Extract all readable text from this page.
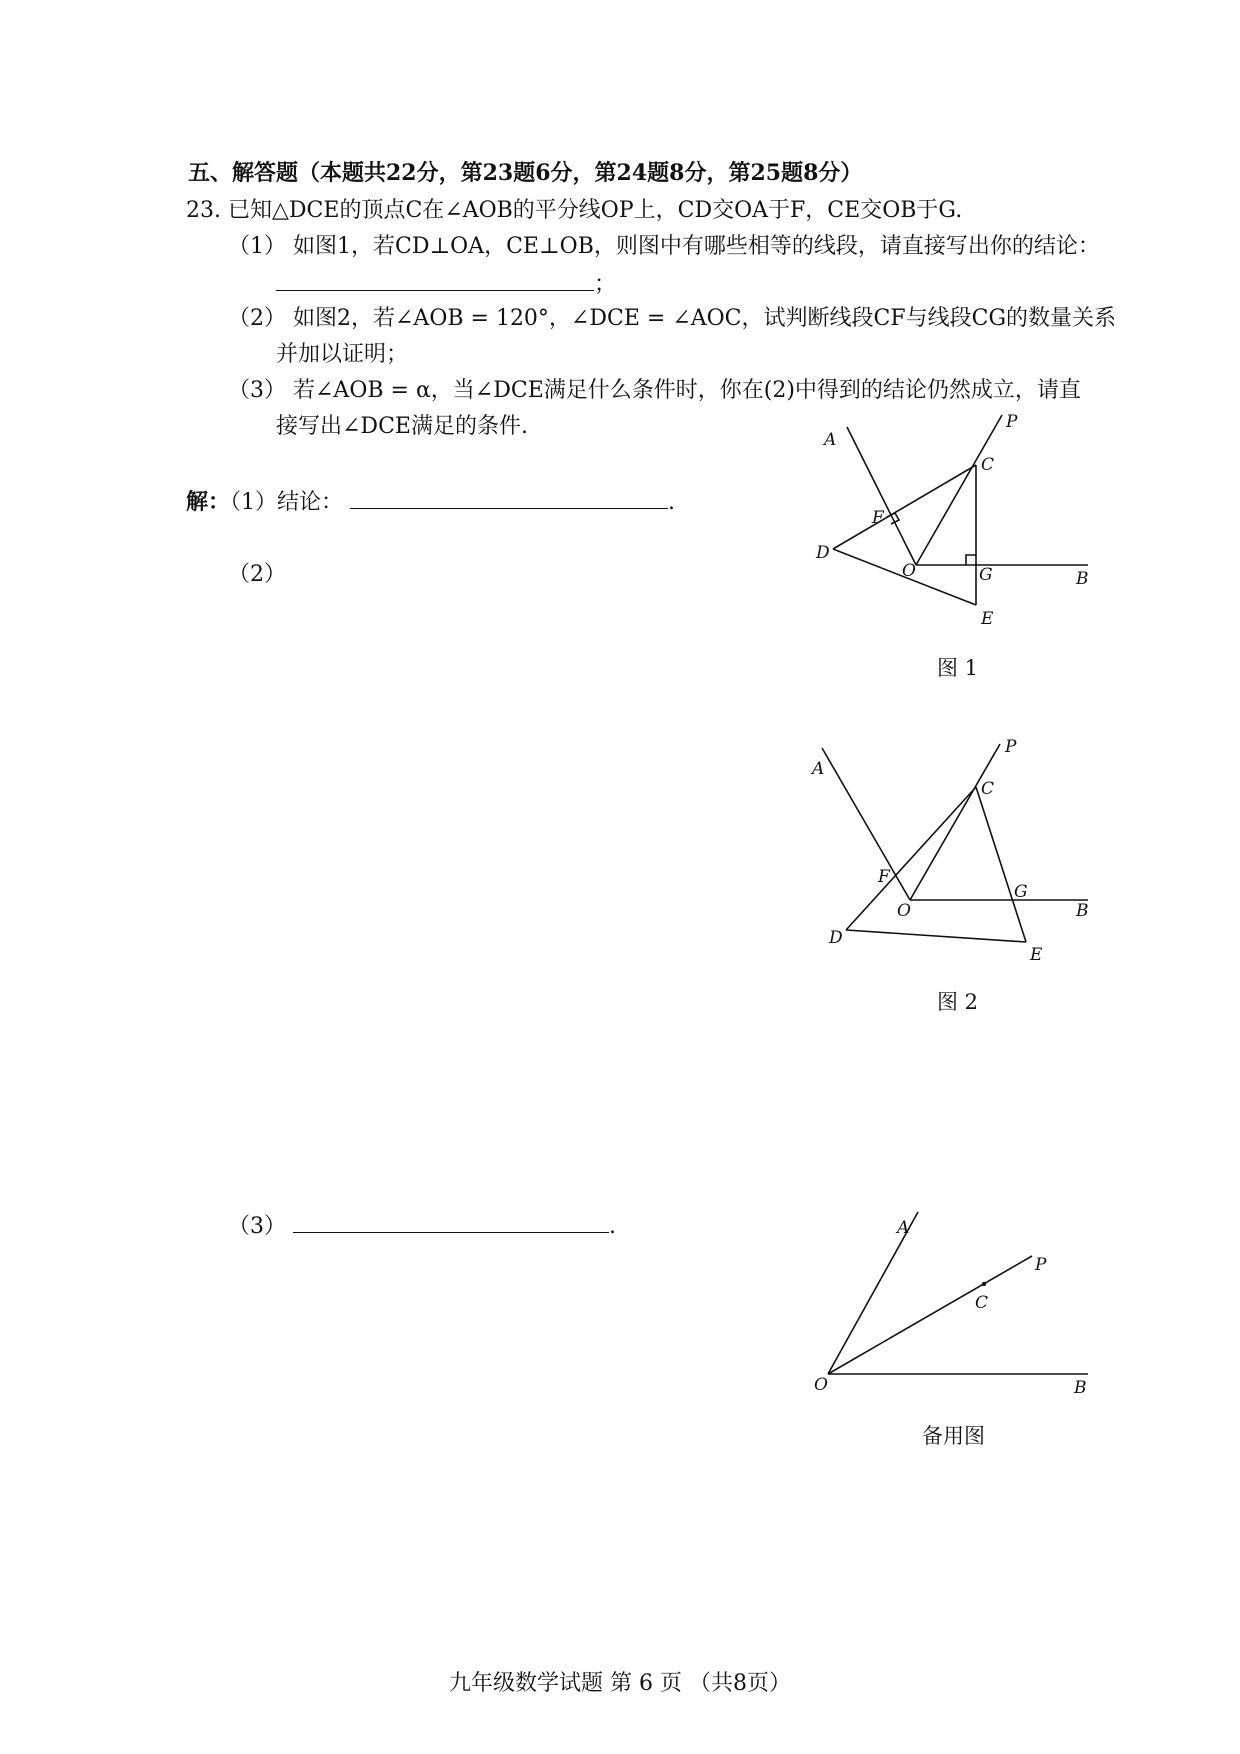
五、解答题（本题共22分，第23题6分，第24题8分，第25题8分）
23. 已知△DCE的顶点C在∠AOB的平分线OP上，CD交OA于F，CE交OB于G.
（1） 如图1，若CD⊥OA，CE⊥OB，则图中有哪些相等的线段，请直接写出你的结论：
；
（2） 如图2，若∠AOB = 120°，∠DCE = ∠AOC，试判断线段CF与线段CG的数量关系
并加以证明；
（3） 若∠AOB = α，当∠DCE满足什么条件时，你在(2)中得到的结论仍然成立，请直
接写出∠DCE满足的条件.
解：（1）结论：	.
（2）
（3）	.
A
P
C
F
D
O	G	B
E
图 1
A
P
C
F
O
G
B
D
E
图 2
A
P
C
O	B
备用图
九年级数学试题 第 6 页 （共8页）
